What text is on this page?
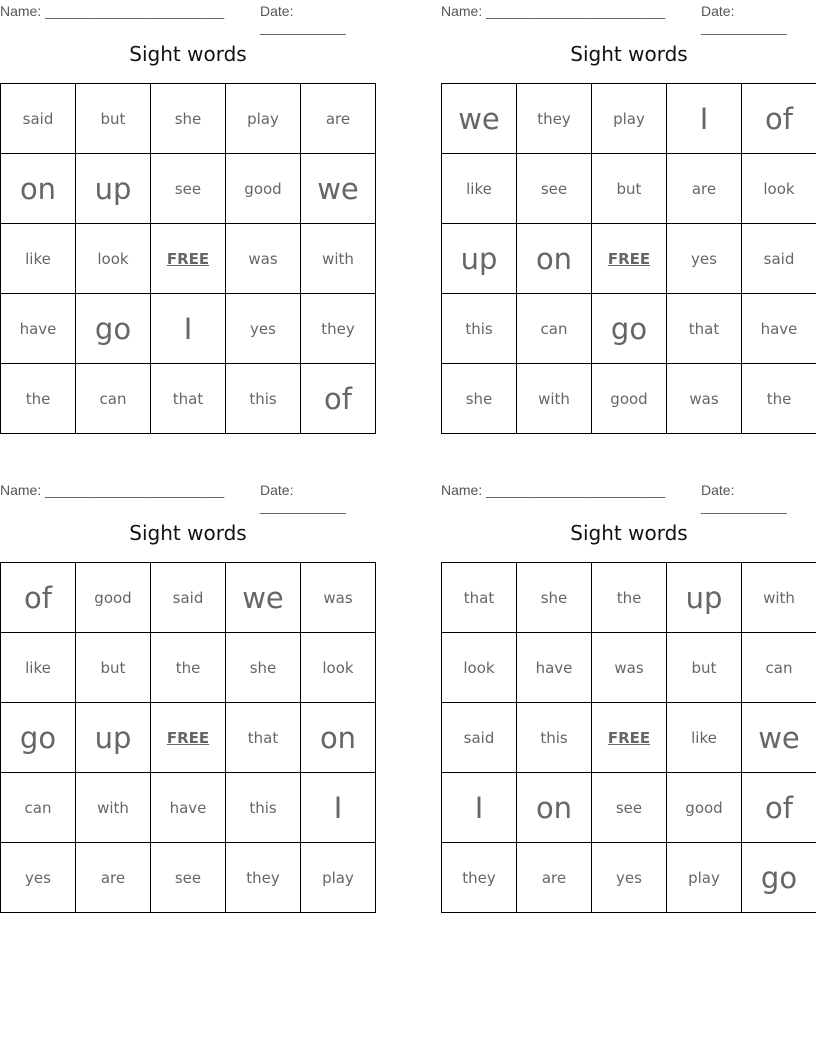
Name: _______________________	Date: ___________
Sight words
said	but	she	play	are
on	up	see	good	we
like	look	FREE	was	with
have	go	I	yes	they
the	can	that	this	of
Name: _______________________	Date: ___________
Sight words
we	they	play	I	of
like	see	but	are	look
up	on	FREE	yes	said
this	can	go	that	have
she	with	good	was	the
Name: _______________________	Date: ___________
Sight words
of	good	said	we	was
like	but	the	she	look
go	up	FREE	that	on
can	with	have	this	I
yes	are	see	they	play
Name: _______________________	Date: ___________
Sight words
that	she	the	up	with
look	have	was	but	can
said	this	FREE	like	we
I	on	see	good	of
they	are	yes	play	go
